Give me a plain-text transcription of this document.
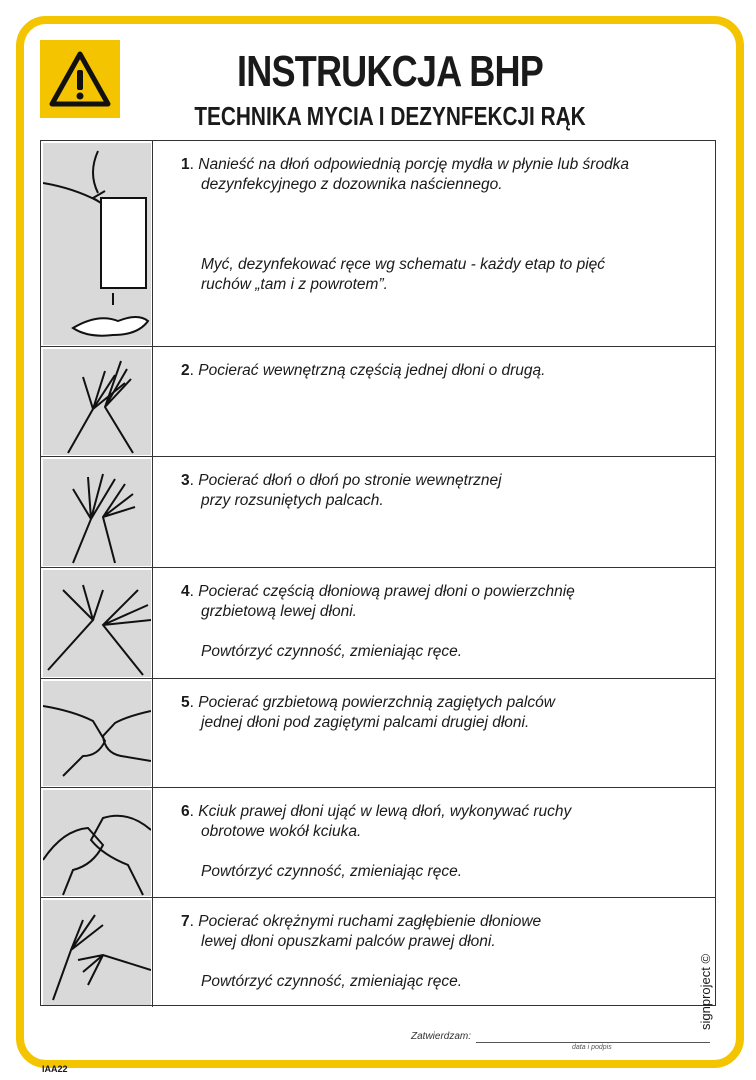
INSTRUKCJA BHP
TECHNIKA MYCIA I DEZYNFEKCJI RĄK

1. Nanieść na dłoń odpowiednią porcję mydła w płynie lub środka

dezynfekcyjnego z dozownika naściennego.

Myć, dezynfekować ręce wg schematu - każdy etap to pięć

ruchów „tam i z powrotem”.

2. Pocierać wewnętrzną częścią jednej dłoni o drugą.

3. Pocierać dłoń o dłoń po stronie wewnętrznej

przy rozsuniętych palcach.

4. Pocierać częścią dłoniową prawej dłoni o powierzchnię

grzbietową lewej dłoni.

Powtórzyć czynność, zmieniając ręce.

5. Pocierać grzbietową powierzchnią zagiętych palców

jednej dłoni pod zagiętymi palcami drugiej dłoni.

6. Kciuk prawej dłoni ująć w lewą dłoń, wykonywać ruchy

obrotowe wokół kciuka.

Powtórzyć czynność, zmieniając ręce.

7. Pocierać okrężnymi ruchami zagłębienie dłoniowe

lewej dłoni opuszkami palców prawej dłoni.

Powtórzyć czynność, zmieniając ręce.

Zatwierdzam:
data i podpis
IAA22
signproject ©
